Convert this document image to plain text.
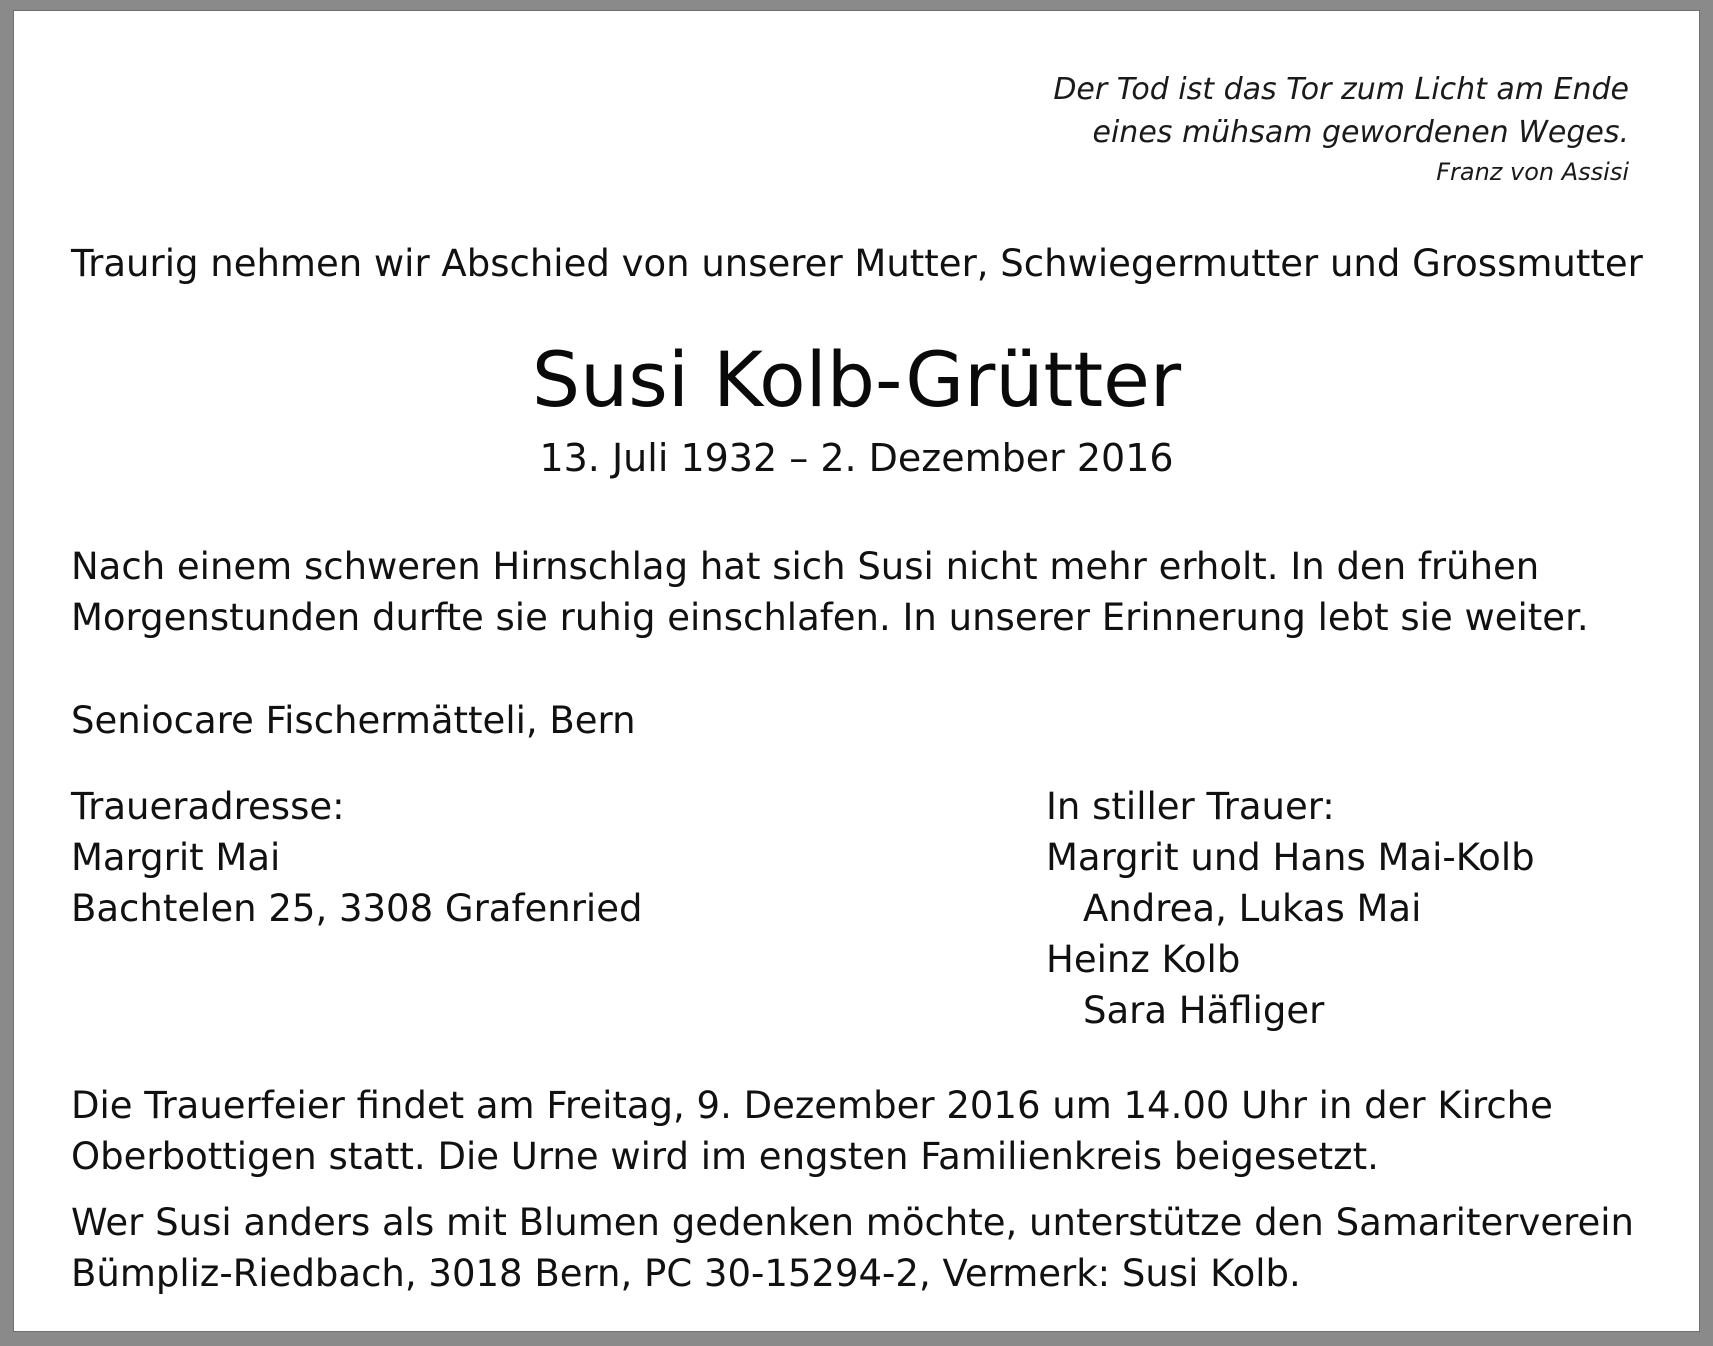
Der Tod ist das Tor zum Licht am Ende
eines mühsam gewordenen Weges.
Franz von Assisi
Traurig nehmen wir Abschied von unserer Mutter, Schwiegermutter und Grossmutter
Susi Kolb-Grütter
13. Juli 1932 – 2. Dezember 2016
Nach einem schweren Hirnschlag hat sich Susi nicht mehr erholt. In den frühen
Morgenstunden durfte sie ruhig einschlafen. In unserer Erinnerung lebt sie weiter.
Seniocare Fischermätteli, Bern
Traueradresse:
Margrit Mai
Bachtelen 25, 3308 Grafenried
In stiller Trauer:
Margrit und Hans Mai-Kolb
Andrea, Lukas Mai
Heinz Kolb
Sara Häfliger
Die Trauerfeier findet am Freitag, 9. Dezember 2016 um 14.00 Uhr in der Kirche
Oberbottigen statt. Die Urne wird im engsten Familienkreis beigesetzt.
Wer Susi anders als mit Blumen gedenken möchte, unterstütze den Samariterverein
Bümpliz-Riedbach, 3018 Bern, PC 30-15294-2, Vermerk: Susi Kolb.
